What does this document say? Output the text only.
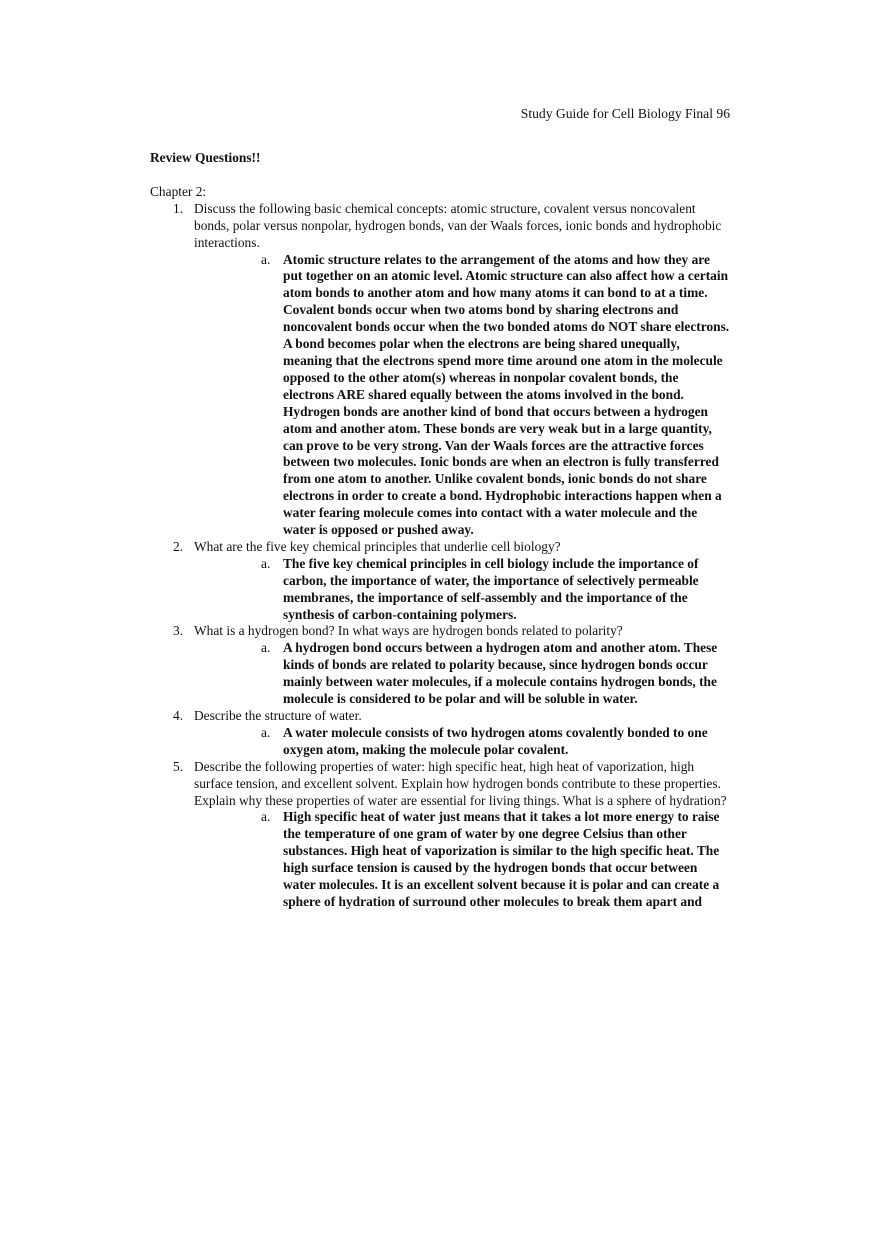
Study Guide for Cell Biology Final 96

Review Questions!!

Chapter 2:

1. Discuss the following basic chemical concepts: atomic structure, covalent versus noncovalent bonds, polar versus nonpolar, hydrogen bonds, van der Waals forces, ionic bonds and hydrophobic interactions.
a. Atomic structure relates to the arrangement of the atoms and how they are put together on an atomic level. Atomic structure can also affect how a certain atom bonds to another atom and how many atoms it can bond to at a time. Covalent bonds occur when two atoms bond by sharing electrons and noncovalent bonds occur when the two bonded atoms do NOT share electrons. A bond becomes polar when the electrons are being shared unequally, meaning that the electrons spend more time around one atom in the molecule opposed to the other atom(s) whereas in nonpolar covalent bonds, the electrons ARE shared equally between the atoms involved in the bond. Hydrogen bonds are another kind of bond that occurs between a hydrogen atom and another atom. These bonds are very weak but in a large quantity, can prove to be very strong. Van der Waals forces are the attractive forces between two molecules. Ionic bonds are when an electron is fully transferred from one atom to another. Unlike covalent bonds, ionic bonds do not share electrons in order to create a bond. Hydrophobic interactions happen when a water fearing molecule comes into contact with a water molecule and the water is opposed or pushed away.
2. What are the five key chemical principles that underlie cell biology?
a. The five key chemical principles in cell biology include the importance of carbon, the importance of water, the importance of selectively permeable membranes, the importance of self-assembly and the importance of the synthesis of carbon-containing polymers.
3. What is a hydrogen bond? In what ways are hydrogen bonds related to polarity?
a. A hydrogen bond occurs between a hydrogen atom and another atom. These kinds of bonds are related to polarity because, since hydrogen bonds occur mainly between water molecules, if a molecule contains hydrogen bonds, the molecule is considered to be polar and will be soluble in water.
4. Describe the structure of water.
a. A water molecule consists of two hydrogen atoms covalently bonded to one oxygen atom, making the molecule polar covalent.
5. Describe the following properties of water: high specific heat, high heat of vaporization, high surface tension, and excellent solvent. Explain how hydrogen bonds contribute to these properties. Explain why these properties of water are essential for living things. What is a sphere of hydration?
a. High specific heat of water just means that it takes a lot more energy to raise the temperature of one gram of water by one degree Celsius than other substances. High heat of vaporization is similar to the high specific heat. The high surface tension is caused by the hydrogen bonds that occur between water molecules. It is an excellent solvent because it is polar and can create a sphere of hydration of surround other molecules to break them apart and
